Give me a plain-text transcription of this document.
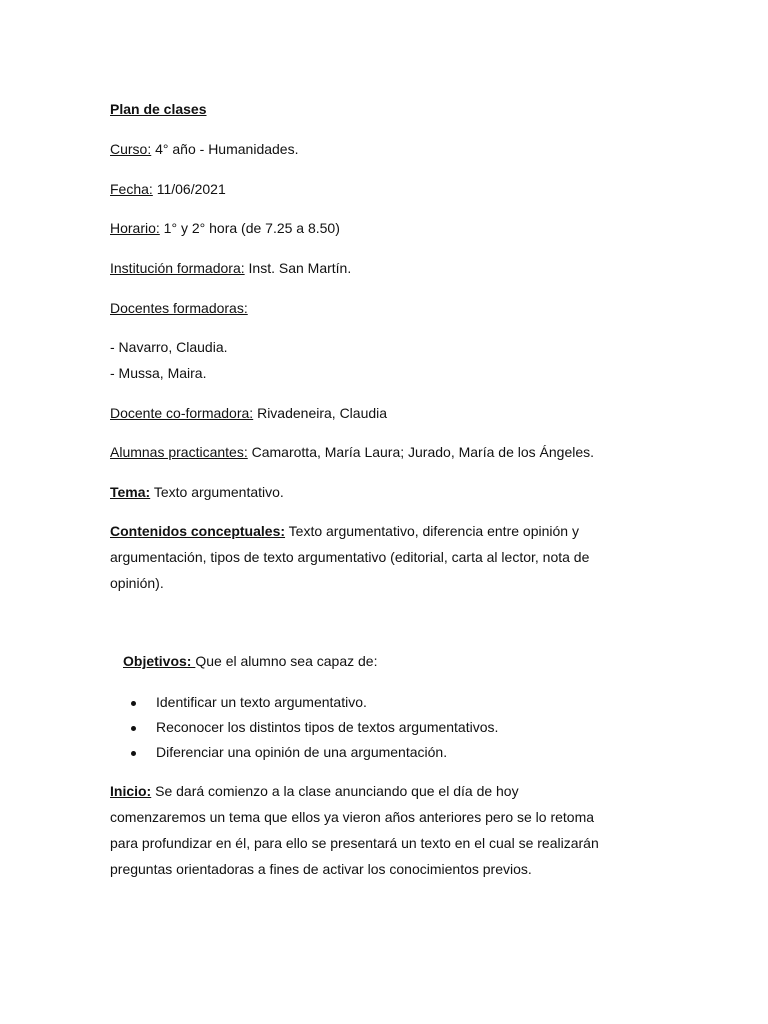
Plan de clases
Curso: 4° año - Humanidades.
Fecha: 11/06/2021
Horario: 1° y 2° hora (de 7.25 a 8.50)
Institución formadora: Inst. San Martín.
Docentes formadoras:
- Navarro, Claudia.
- Mussa, Maira.
Docente co-formadora: Rivadeneira, Claudia
Alumnas practicantes: Camarotta, María Laura; Jurado, María de los Ángeles.
Tema: Texto argumentativo.

Contenidos conceptuales: Texto argumentativo, diferencia entre opinión y

argumentación, tipos de texto argumentativo (editorial, carta al lector, nota de

opinión).

Objetivos: Que el alumno sea capaz de:
Identificar un texto argumentativo.
Reconocer los distintos tipos de textos argumentativos.
Diferenciar una opinión de una argumentación.

Inicio: Se dará comienzo a la clase anunciando que el día de hoy

comenzaremos un tema que ellos ya vieron años anteriores pero se lo retoma

para profundizar en él, para ello se presentará un texto en el cual se realizarán

preguntas orientadoras a fines de activar los conocimientos previos.
